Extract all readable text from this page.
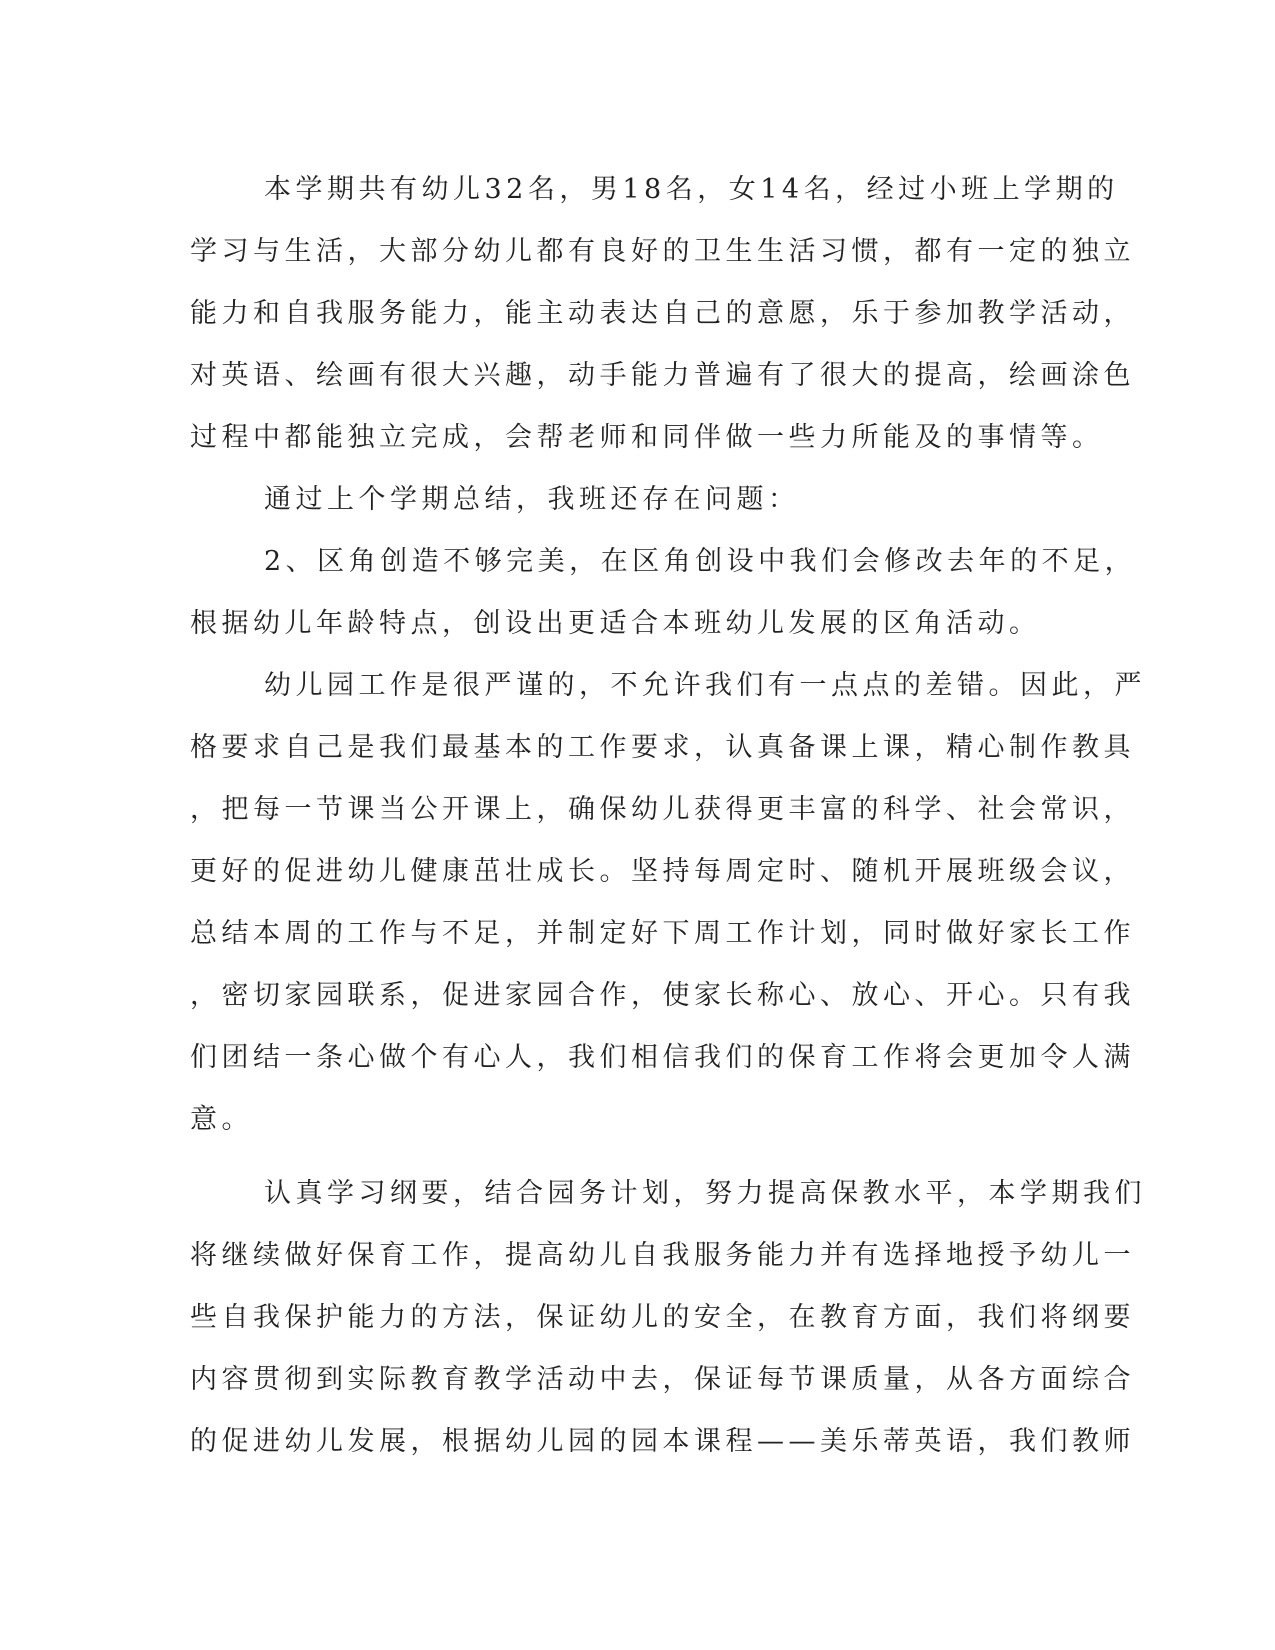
本学期共有幼儿32名，男18名，女14名，经过小班上学期的

学习与生活，大部分幼儿都有良好的卫生生活习惯，都有一定的独立

能力和自我服务能力，能主动表达自己的意愿，乐于参加教学活动，

对英语、绘画有很大兴趣，动手能力普遍有了很大的提高，绘画涂色

过程中都能独立完成，会帮老师和同伴做一些力所能及的事情等。

通过上个学期总结，我班还存在问题：

2、区角创造不够完美，在区角创设中我们会修改去年的不足，

根据幼儿年龄特点，创设出更适合本班幼儿发展的区角活动。

幼儿园工作是很严谨的，不允许我们有一点点的差错。因此，严

格要求自己是我们最基本的工作要求，认真备课上课，精心制作教具

，把每一节课当公开课上，确保幼儿获得更丰富的科学、社会常识，

更好的促进幼儿健康茁壮成长。坚持每周定时、随机开展班级会议，

总结本周的工作与不足，并制定好下周工作计划，同时做好家长工作

，密切家园联系，促进家园合作，使家长称心、放心、开心。只有我

们团结一条心做个有心人，我们相信我们的保育工作将会更加令人满

意。

认真学习纲要，结合园务计划，努力提高保教水平，本学期我们

将继续做好保育工作，提高幼儿自我服务能力并有选择地授予幼儿一

些自我保护能力的方法，保证幼儿的安全，在教育方面，我们将纲要

内容贯彻到实际教育教学活动中去，保证每节课质量，从各方面综合

的促进幼儿发展，根据幼儿园的园本课程——美乐蒂英语，我们教师
